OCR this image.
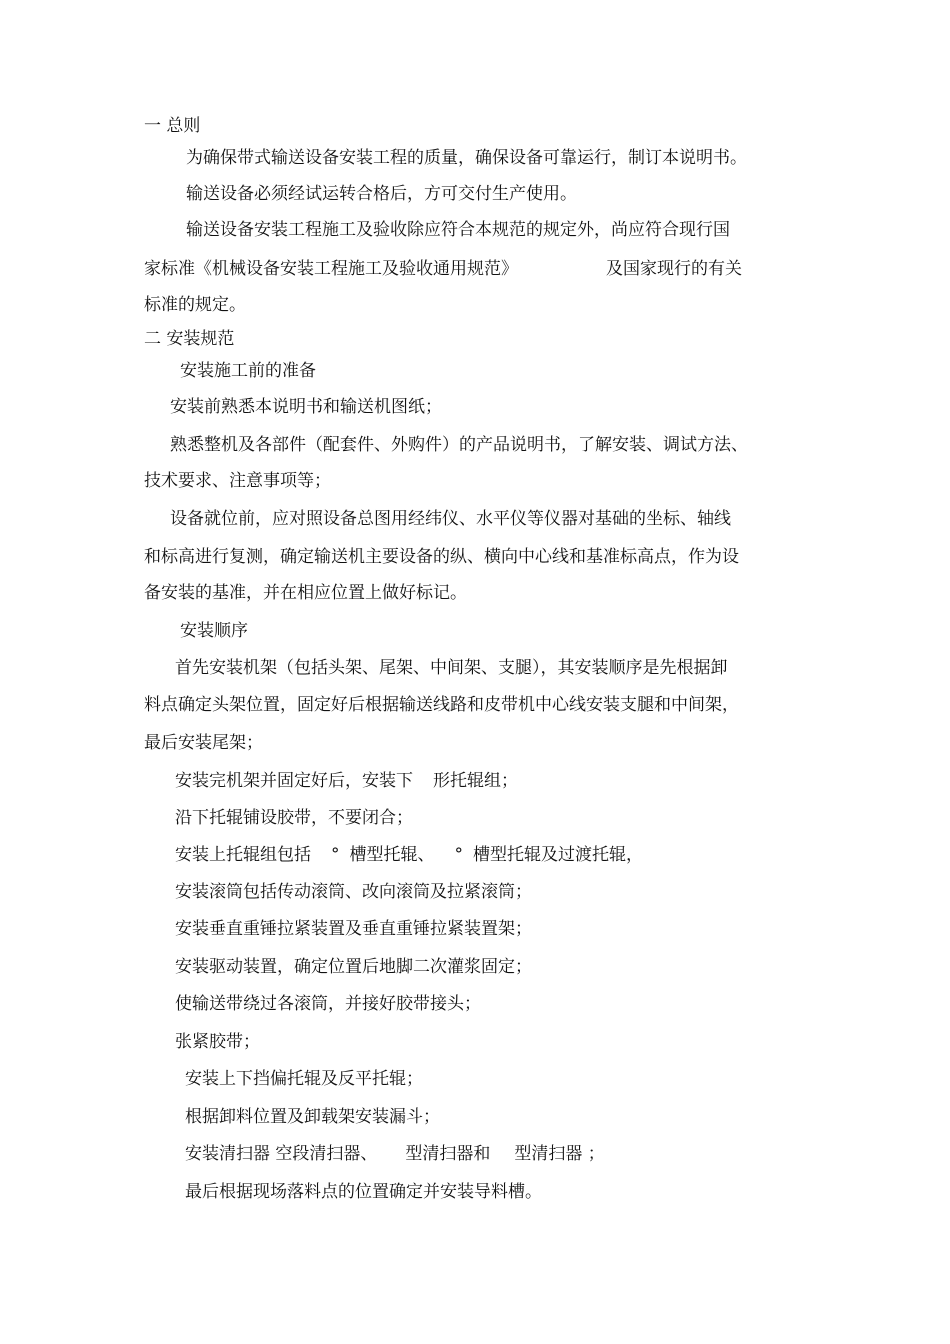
一 总则

为确保带式输送设备安装工程的质量，确保设备可靠运行，制订本说明书。

输送设备必须经试运转合格后，方可交付生产使用。

输送设备安装工程施工及验收除应符合本规范的规定外，尚应符合现行国

家标准《机械设备安装工程施工及验收通用规范》	及国家现行的有关

标准的规定。

二 安装规范

安装施工前的准备

安装前熟悉本说明书和输送机图纸；

熟悉整机及各部件（配套件、外购件）的产品说明书，了解安装、调试方法、

技术要求、注意事项等；

设备就位前，应对照设备总图用经纬仪、水平仪等仪器对基础的坐标、轴线

和标高进行复测，确定输送机主要设备的纵、横向中心线和基准标高点，作为设

备安装的基准，并在相应位置上做好标记。

安装顺序

首先安装机架（包括头架、尾架、中间架、支腿），其安装顺序是先根据卸

料点确定头架位置，固定好后根据输送线路和皮带机中心线安装支腿和中间架，

最后安装尾架；

安装完机架并固定好后，安装下 形托辊组；

沿下托辊铺设胶带，不要闭合；

安装上托辊组包括 ° 槽型托辊、 ° 槽型托辊及过渡托辊，

安装滚筒包括传动滚筒、改向滚筒及拉紧滚筒；

安装垂直重锤拉紧装置及垂直重锤拉紧装置架；

安装驱动装置，确定位置后地脚二次灌浆固定；

使输送带绕过各滚筒，并接好胶带接头；

张紧胶带；

安装上下挡偏托辊及反平托辊；

根据卸料位置及卸载架安装漏斗；

安装清扫器 空段清扫器、 型清扫器和 型清扫器 ；

最后根据现场落料点的位置确定并安装导料槽。
